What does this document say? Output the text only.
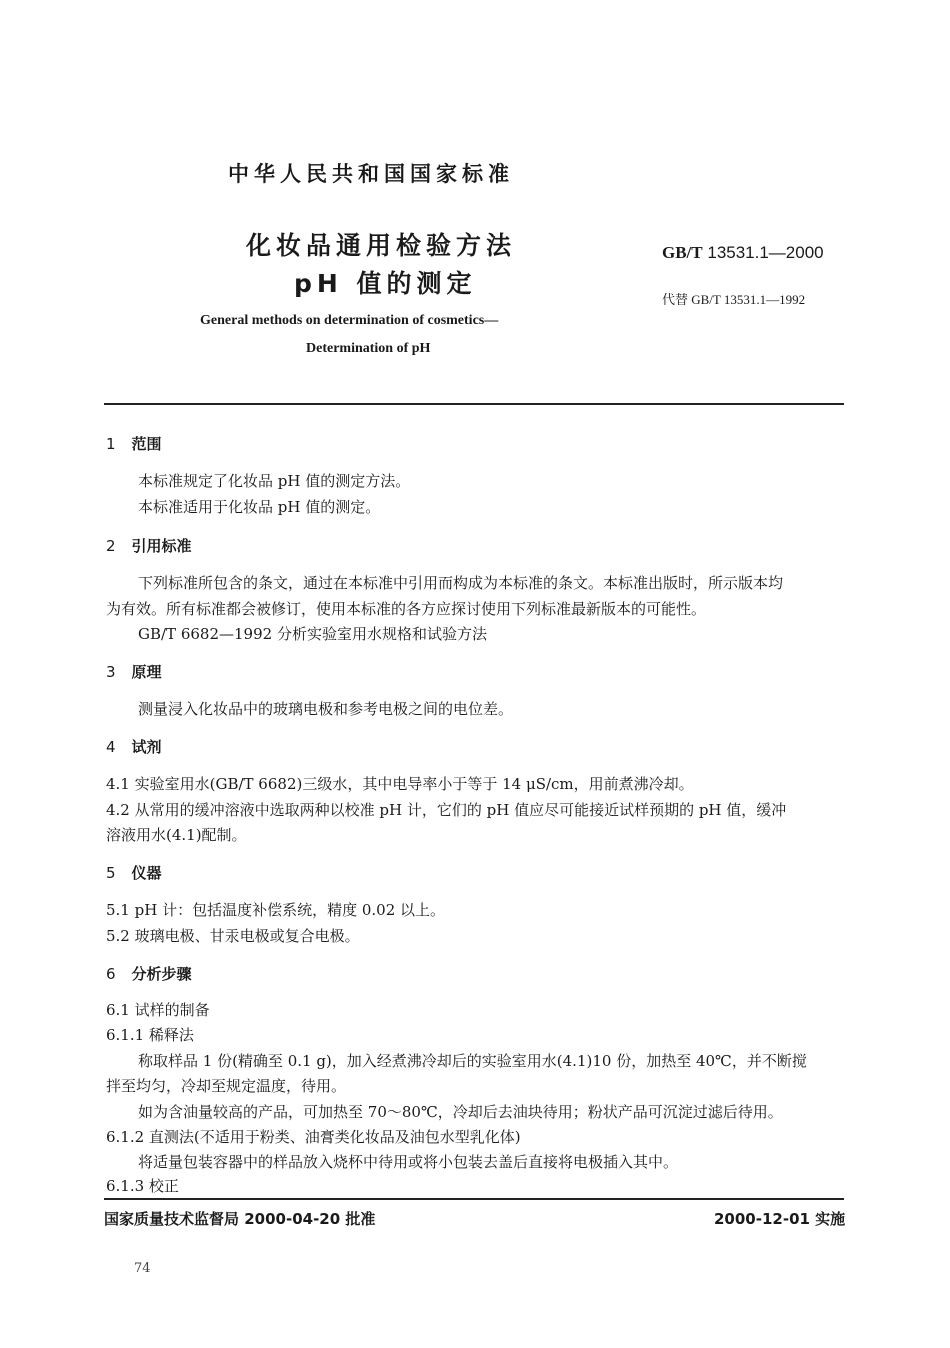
中华人民共和国国家标准
化妆品通用检验方法
pH 值的测定
General methods on determination of cosmetics—
Determination of pH
GB/T 13531.1—2000
代替 GB/T 13531.1—1992
1 范围
本标准规定了化妆品 pH 值的测定方法。
本标准适用于化妆品 pH 值的测定。
2 引用标准
下列标准所包含的条文，通过在本标准中引用而构成为本标准的条文。本标准出版时，所示版本均
为有效。所有标准都会被修订，使用本标准的各方应探讨使用下列标准最新版本的可能性。
GB/T 6682—1992 分析实验室用水规格和试验方法
3 原理
测量浸入化妆品中的玻璃电极和参考电极之间的电位差。
4 试剂
4.1 实验室用水(GB/T 6682)三级水，其中电导率小于等于 14 μS/cm，用前煮沸冷却。
4.2 从常用的缓冲溶液中选取两种以校准 pH 计，它们的 pH 值应尽可能接近试样预期的 pH 值，缓冲
溶液用水(4.1)配制。
5 仪器
5.1 pH 计：包括温度补偿系统，精度 0.02 以上。
5.2 玻璃电极、甘汞电极或复合电极。
6 分析步骤
6.1 试样的制备
6.1.1 稀释法
称取样品 1 份(精确至 0.1 g)，加入经煮沸冷却后的实验室用水(4.1)10 份，加热至 40℃，并不断搅
拌至均匀，冷却至规定温度，待用。
如为含油量较高的产品，可加热至 70～80℃，冷却后去油块待用；粉状产品可沉淀过滤后待用。
6.1.2 直测法(不适用于粉类、油膏类化妆品及油包水型乳化体)
将适量包装容器中的样品放入烧杯中待用或将小包装去盖后直接将电极插入其中。
6.1.3 校正
国家质量技术监督局 2000-04-20 批准	2000-12-01 实施
74
